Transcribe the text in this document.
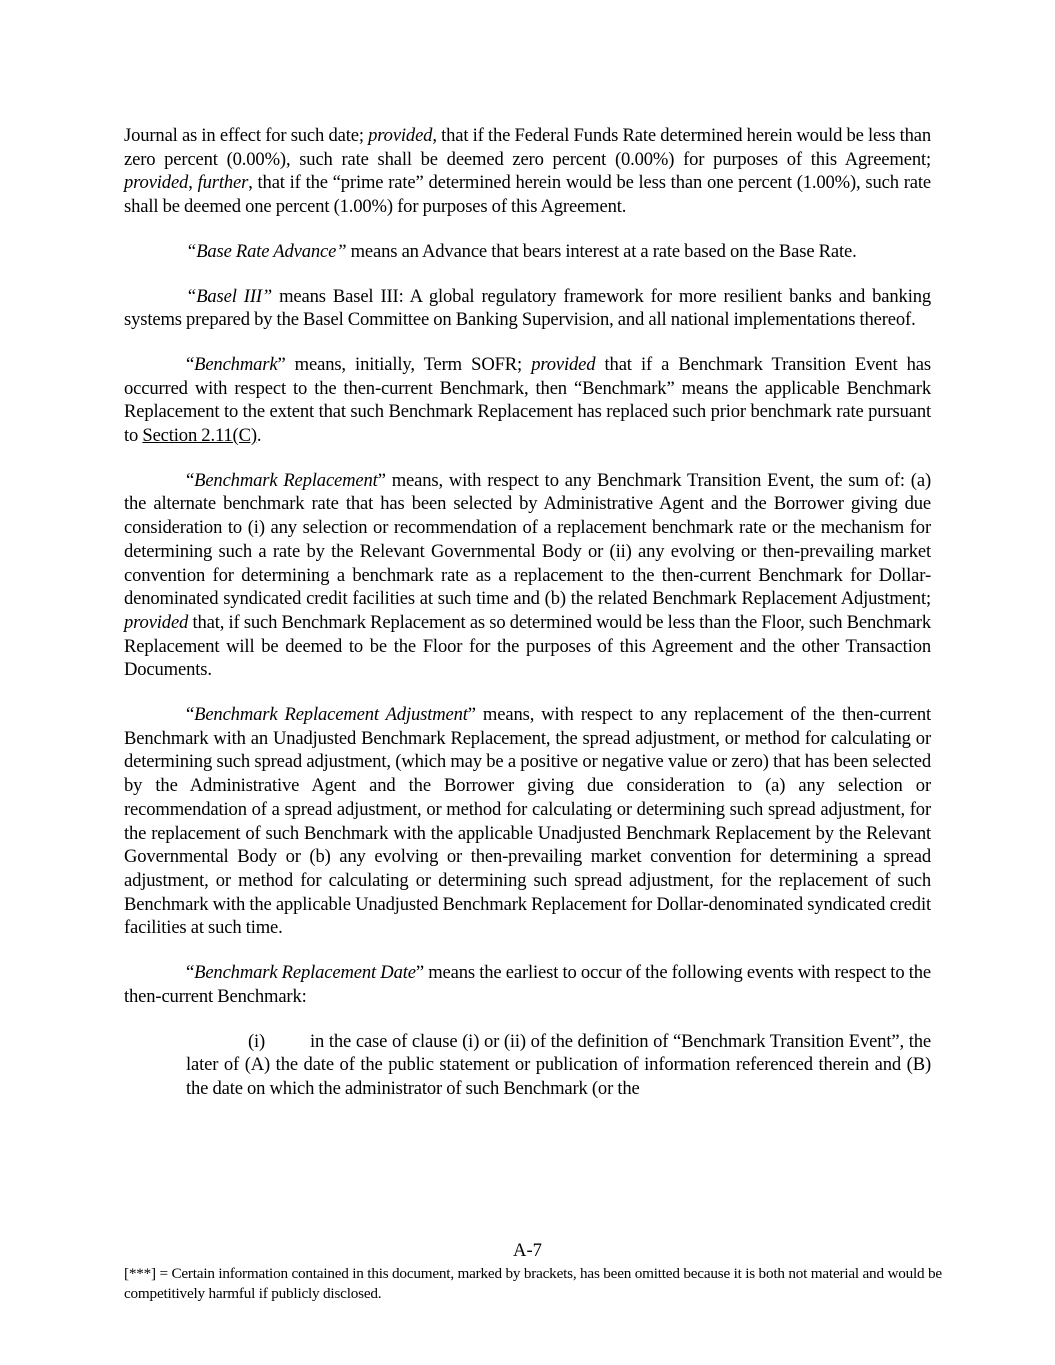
Journal as in effect for such date; provided, that if the Federal Funds Rate determined herein would be less than zero percent (0.00%), such rate shall be deemed zero percent (0.00%) for purposes of this Agreement; provided, further, that if the “prime rate” determined herein would be less than one percent (1.00%), such rate shall be deemed one percent (1.00%) for purposes of this Agreement.

“Base Rate Advance” means an Advance that bears interest at a rate based on the Base Rate.

“Basel III” means Basel III: A global regulatory framework for more resilient banks and banking systems prepared by the Basel Committee on Banking Supervision, and all national implementations thereof.

“Benchmark” means, initially, Term SOFR; provided that if a Benchmark Transition Event has occurred with respect to the then-current Benchmark, then “Benchmark” means the applicable Benchmark Replacement to the extent that such Benchmark Replacement has replaced such prior benchmark rate pursuant to Section 2.11(C).

“Benchmark Replacement” means, with respect to any Benchmark Transition Event, the sum of: (a) the alternate benchmark rate that has been selected by Administrative Agent and the Borrower giving due consideration to (i) any selection or recommendation of a replacement benchmark rate or the mechanism for determining such a rate by the Relevant Governmental Body or (ii) any evolving or then-prevailing market convention for determining a benchmark rate as a replacement to the then-current Benchmark for Dollar-denominated syndicated credit facilities at such time and (b) the related Benchmark Replacement Adjustment; provided that, if such Benchmark Replacement as so determined would be less than the Floor, such Benchmark Replacement will be deemed to be the Floor for the purposes of this Agreement and the other Transaction Documents.

“Benchmark Replacement Adjustment” means, with respect to any replacement of the then-current Benchmark with an Unadjusted Benchmark Replacement, the spread adjustment, or method for calculating or determining such spread adjustment, (which may be a positive or negative value or zero) that has been selected by the Administrative Agent and the Borrower giving due consideration to (a) any selection or recommendation of a spread adjustment, or method for calculating or determining such spread adjustment, for the replacement of such Benchmark with the applicable Unadjusted Benchmark Replacement by the Relevant Governmental Body or (b) any evolving or then-prevailing market convention for determining a spread adjustment, or method for calculating or determining such spread adjustment, for the replacement of such Benchmark with the applicable Unadjusted Benchmark Replacement for Dollar-denominated syndicated credit facilities at such time.

“Benchmark Replacement Date” means the earliest to occur of the following events with respect to the then-current Benchmark:

(i) in the case of clause (i) or (ii) of the definition of “Benchmark Transition Event”, the later of (A) the date of the public statement or publication of information referenced therein and (B) the date on which the administrator of such Benchmark (or the

A-7
[***] = Certain information contained in this document, marked by brackets, has been omitted because it is both not material and would be competitively harmful if publicly disclosed.
